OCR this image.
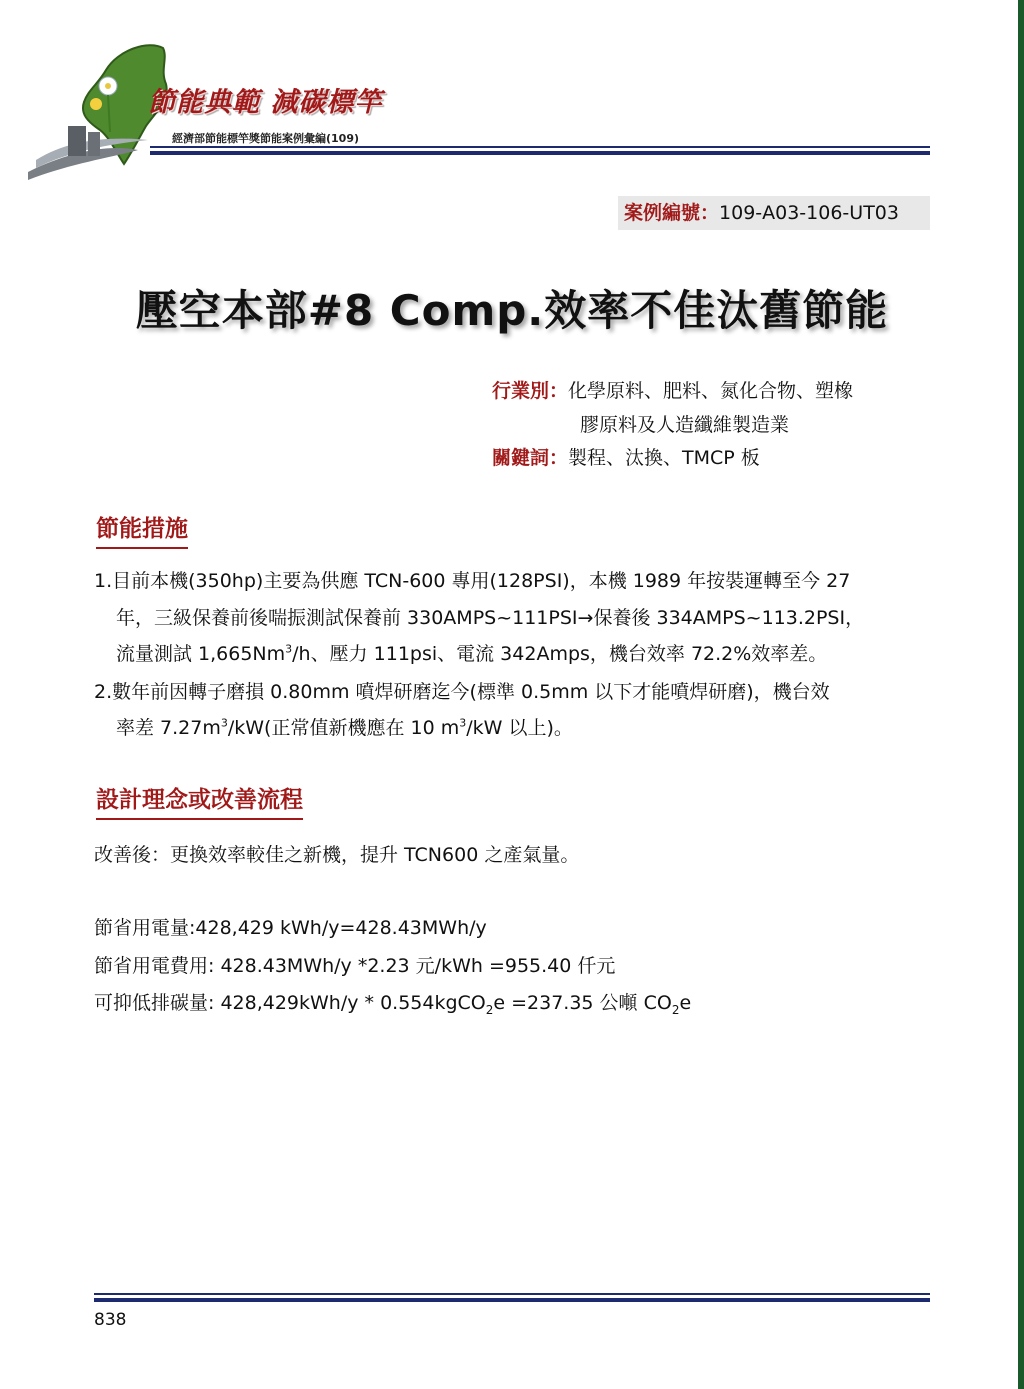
節能典範 減碳標竿
經濟部節能標竿獎節能案例彙編(109)
案例編號：109-A03-106-UT03
壓空本部#8 Comp.效率不佳汰舊節能
行業別：化學原料、肥料、氮化合物、塑橡
膠原料及人造纖維製造業
關鍵詞：製程、汰換、TMCP 板
節能措施
1.目前本機(350hp)主要為供應 TCN-600 專用(128PSI)，本機 1989 年按裝運轉至今 27
年，三級保養前後喘振測試保養前 330AMPS~111PSI→保養後 334AMPS~113.2PSI，
流量測試 1,665Nm$^3$/h、壓力 111psi、電流 342Amps，機台效率 72.2%效率差。
2.數年前因轉子磨損 0.80mm 噴焊研磨迄今(標準 0.5mm 以下才能噴焊研磨)，機台效
率差 $7.27m^3/kW$(正常值新機應在 10 $m^3/kW$ 以上)。
設計理念或改善流程
改善後：更換效率較佳之新機，提升 TCN600 之產氣量。
節省用電量:428,429 kWh/y=428.43MWh/y
節省用電費用: 428.43MWh/y *2.23 元/kWh =955.40 仟元
可抑低排碳量: 428,429kWh/y * 0.554kgCO$_2$e =237.35 公噸 $CO_2e$
838
